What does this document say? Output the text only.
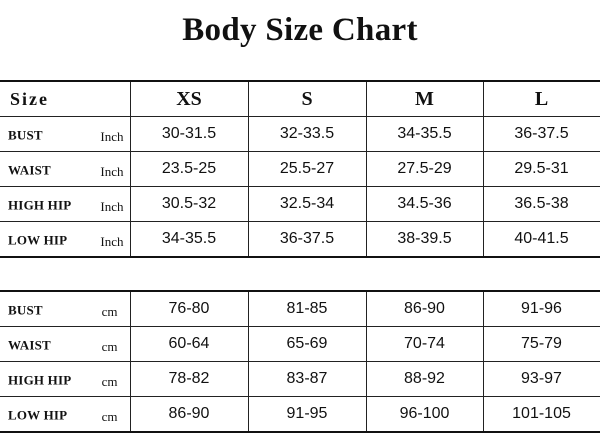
Body Size Chart
Size	XS	S	M	L

BUST Inch	30-31.5	32-33.5	34-35.5	36-37.5

WAIST Inch	23.5-25	25.5-27	27.5-29	29.5-31

HIGH HIP Inch	30.5-32	32.5-34	34.5-36	36.5-38

LOW HIP Inch	34-35.5	36-37.5	38-39.5	40-41.5
BUST cm	76-80	81-85	86-90	91-96

WAIST cm	60-64	65-69	70-74	75-79

HIGH HIP cm	78-82	83-87	88-92	93-97

LOW HIP cm	86-90	91-95	96-100	101-105
